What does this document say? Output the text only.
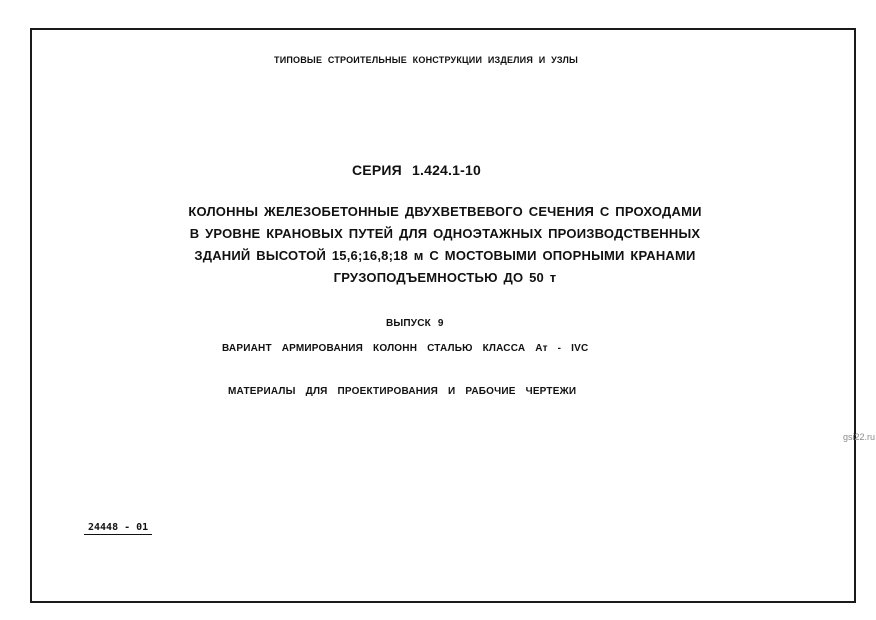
ТИПОВЫЕ СТРОИТЕЛЬНЫЕ КОНСТРУКЦИИ ИЗДЕЛИЯ И УЗЛЫ
СЕРИЯ 1.424.1-10
КОЛОННЫ ЖЕЛЕЗОБЕТОННЫЕ ДВУХВЕТВЕВОГО СЕЧЕНИЯ С ПРОХОДАМИ
В УРОВНЕ КРАНОВЫХ ПУТЕЙ ДЛЯ ОДНОЭТАЖНЫХ ПРОИЗВОДСТВЕННЫХ
ЗДАНИЙ ВЫСОТОЙ 15,6;16,8;18 м С МОСТОВЫМИ ОПОРНЫМИ КРАНАМИ
ГРУЗОПОДЪЕМНОСТЬЮ ДО 50 т
ВЫПУСК 9
ВАРИАНТ АРМИРОВАНИЯ КОЛОНН СТАЛЬЮ КЛАССА Ат - IVС
МАТЕРИАЛЫ ДЛЯ ПРОЕКТИРОВАНИЯ И РАБОЧИЕ ЧЕРТЕЖИ
gsi22.ru
24448 - 01
